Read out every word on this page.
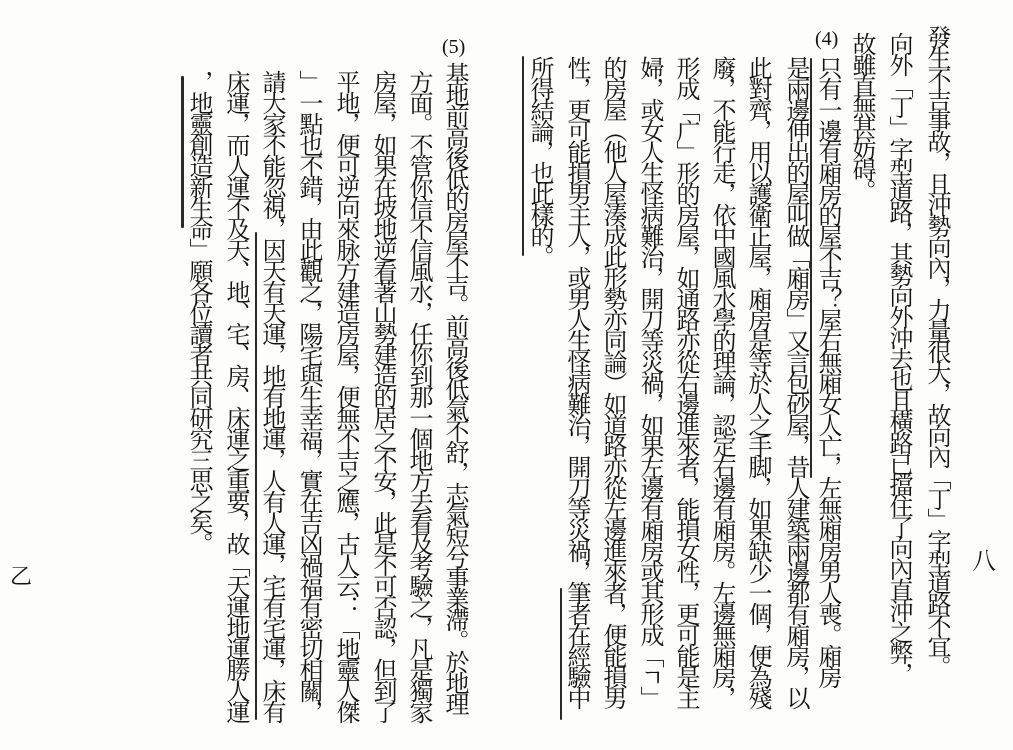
八
乙	發生不吉事故，且沖勢向內，力量很大，故向內「丁」字型道路不宜。
向外「丁」字型道路，其勢向外沖去也且橫路已擋住了向內直沖之弊，
故雖直無甚妨碍。
(4)
只有一邊有廂房的屋不吉？屋右無廂女人亡，左無廂房男人喪。廂房
是兩邊伸出的屋叫做「廂房」又言包砂屋，昔人建築兩邊都有廂房，以
此對齊，用以護衛正屋，廂房是等於人之手脚，如果缺少一個，便為殘
廢，不能行走，依中國風水學的理論，認定右邊有廂房。左邊無廂房，
形成「广」形的房屋，如通路亦從右邊進來者，能損女性，更可能是主
婦，或女人生怪病難治，開刀等災禍，如果左邊有廂房或其形成「ㄱ」
的房屋（他人屋湊成此形勢亦同論）如道路亦從左邊進來者，便能損男
性，更可能損男主人，或男人生怪病難治，開刀等災禍，筆者在經驗中
所得結論，也此樣的。
(5)
基地前高後低的房屋不吉。前高後低氣不舒，志氣短兮事業滯。於地理
方面。不管你信不信風水，任你到那一個地方去看及考驗之，凡是獨家
房屋，如果在坡地逆看著山勢建造的居之不安，此是不可否認，但到了
平地，便可逆向來脉方建造房屋，便無不吉之應，古人云：「地靈人傑
」一點也不錯，由此觀之，陽宅與生幸福，實在吉凶禍福有密切相關，
請大家不能忽視，因天有天運，地有地運，人有人運，宅有宅運，床有
床運，而人運不及天、地、宅、房、床運之重要，故「天運地運勝人運
，地靈創造新生命」願各位讀者共同研究三思之矣。
